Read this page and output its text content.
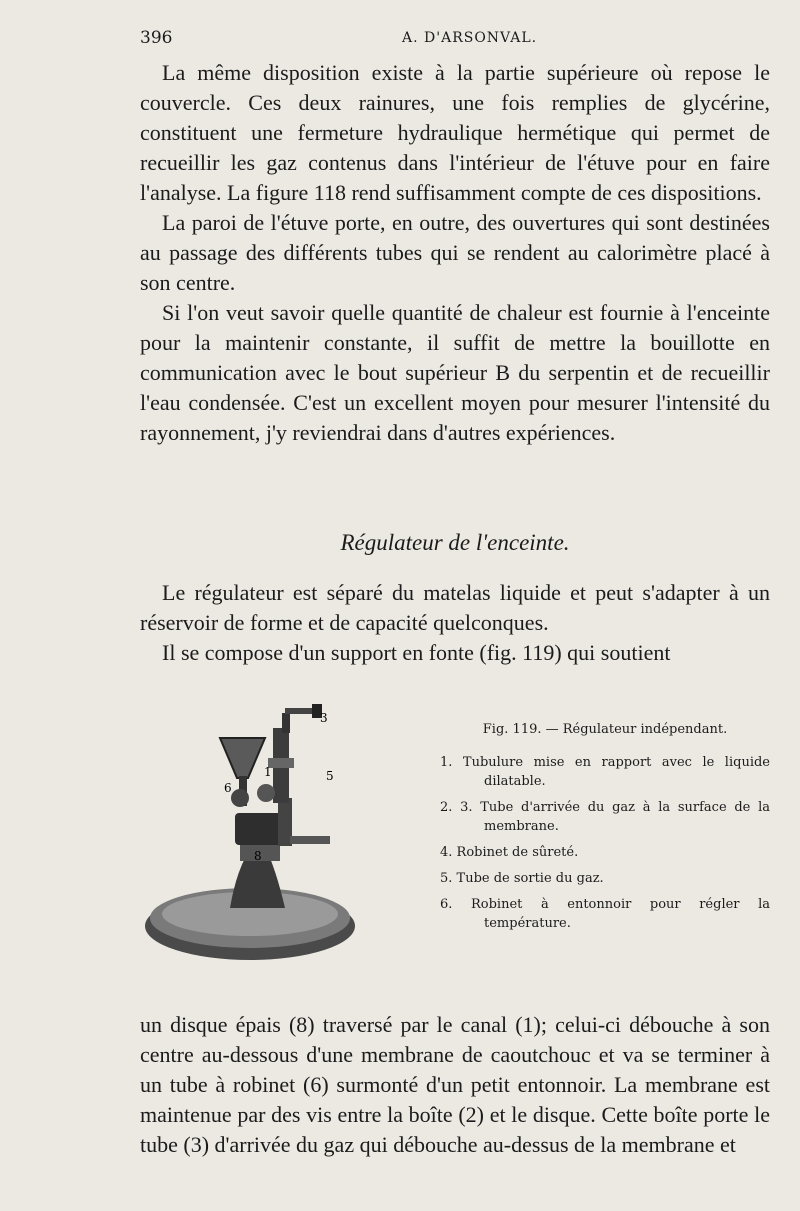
396	A. D'ARSONVAL.

La même disposition existe à la partie supérieure où repose le couvercle. Ces deux rainures, une fois remplies de glycérine, constituent une fermeture hydraulique hermétique qui permet de recueillir les gaz contenus dans l'intérieur de l'étuve pour en faire l'analyse. La figure 118 rend suffisamment compte de ces dispositions.

La paroi de l'étuve porte, en outre, des ouvertures qui sont destinées au passage des différents tubes qui se rendent au calorimètre placé à son centre.

Si l'on veut savoir quelle quantité de chaleur est fournie à l'enceinte pour la maintenir constante, il suffit de mettre la bouillotte en communication avec le bout supérieur B du serpentin et de recueillir l'eau condensée. C'est un excellent moyen pour mesurer l'intensité du rayonnement, j'y reviendrai dans d'autres expériences.

Régulateur de l'enceinte.

Le régulateur est séparé du matelas liquide et peut s'adapter à un réservoir de forme et de capacité quelconques.

Il se compose d'un support en fonte (fig. 119) qui soutient

3
5
6
1
8
Fig. 119. — Régulateur indépendant.
1. Tubulure mise en rapport avec le liquide dilatable.
2. 3. Tube d'arrivée du gaz à la surface de la membrane.
4. Robinet de sûreté.
5. Tube de sortie du gaz.
6. Robinet à entonnoir pour régler la température.

un disque épais (8) traversé par le canal (1); celui-ci débouche à son centre au-dessous d'une membrane de caoutchouc et va se terminer à un tube à robinet (6) surmonté d'un petit entonnoir. La membrane est maintenue par des vis entre la boîte (2) et le disque. Cette boîte porte le tube (3) d'arrivée du gaz qui débouche au-dessus de la membrane et
